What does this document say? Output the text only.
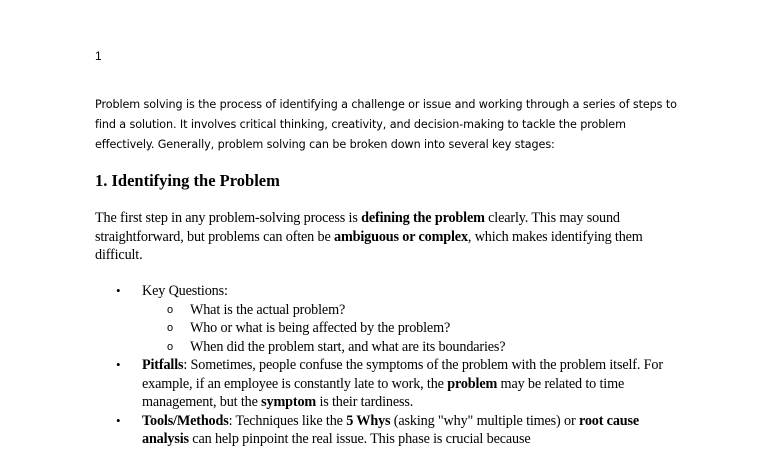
1

Problem solving is the process of identifying a challenge or issue and working through a series of steps to find a solution. It involves critical thinking, creativity, and decision-making to tackle the problem effectively. Generally, problem solving can be broken down into several key stages:

1. Identifying the Problem

The first step in any problem-solving process is defining the problem clearly. This may sound straightforward, but problems can often be ambiguous or complex, which makes identifying them difficult.

• Key Questions:
o What is the actual problem?
o Who or what is being affected by the problem?
o When did the problem start, and what are its boundaries?
• Pitfalls: Sometimes, people confuse the symptoms of the problem with the problem itself. For example, if an employee is constantly late to work, the problem may be related to time management, but the symptom is their tardiness.
• Tools/Methods: Techniques like the 5 Whys (asking "why" multiple times) or root cause analysis can help pinpoint the real issue. This phase is crucial because
